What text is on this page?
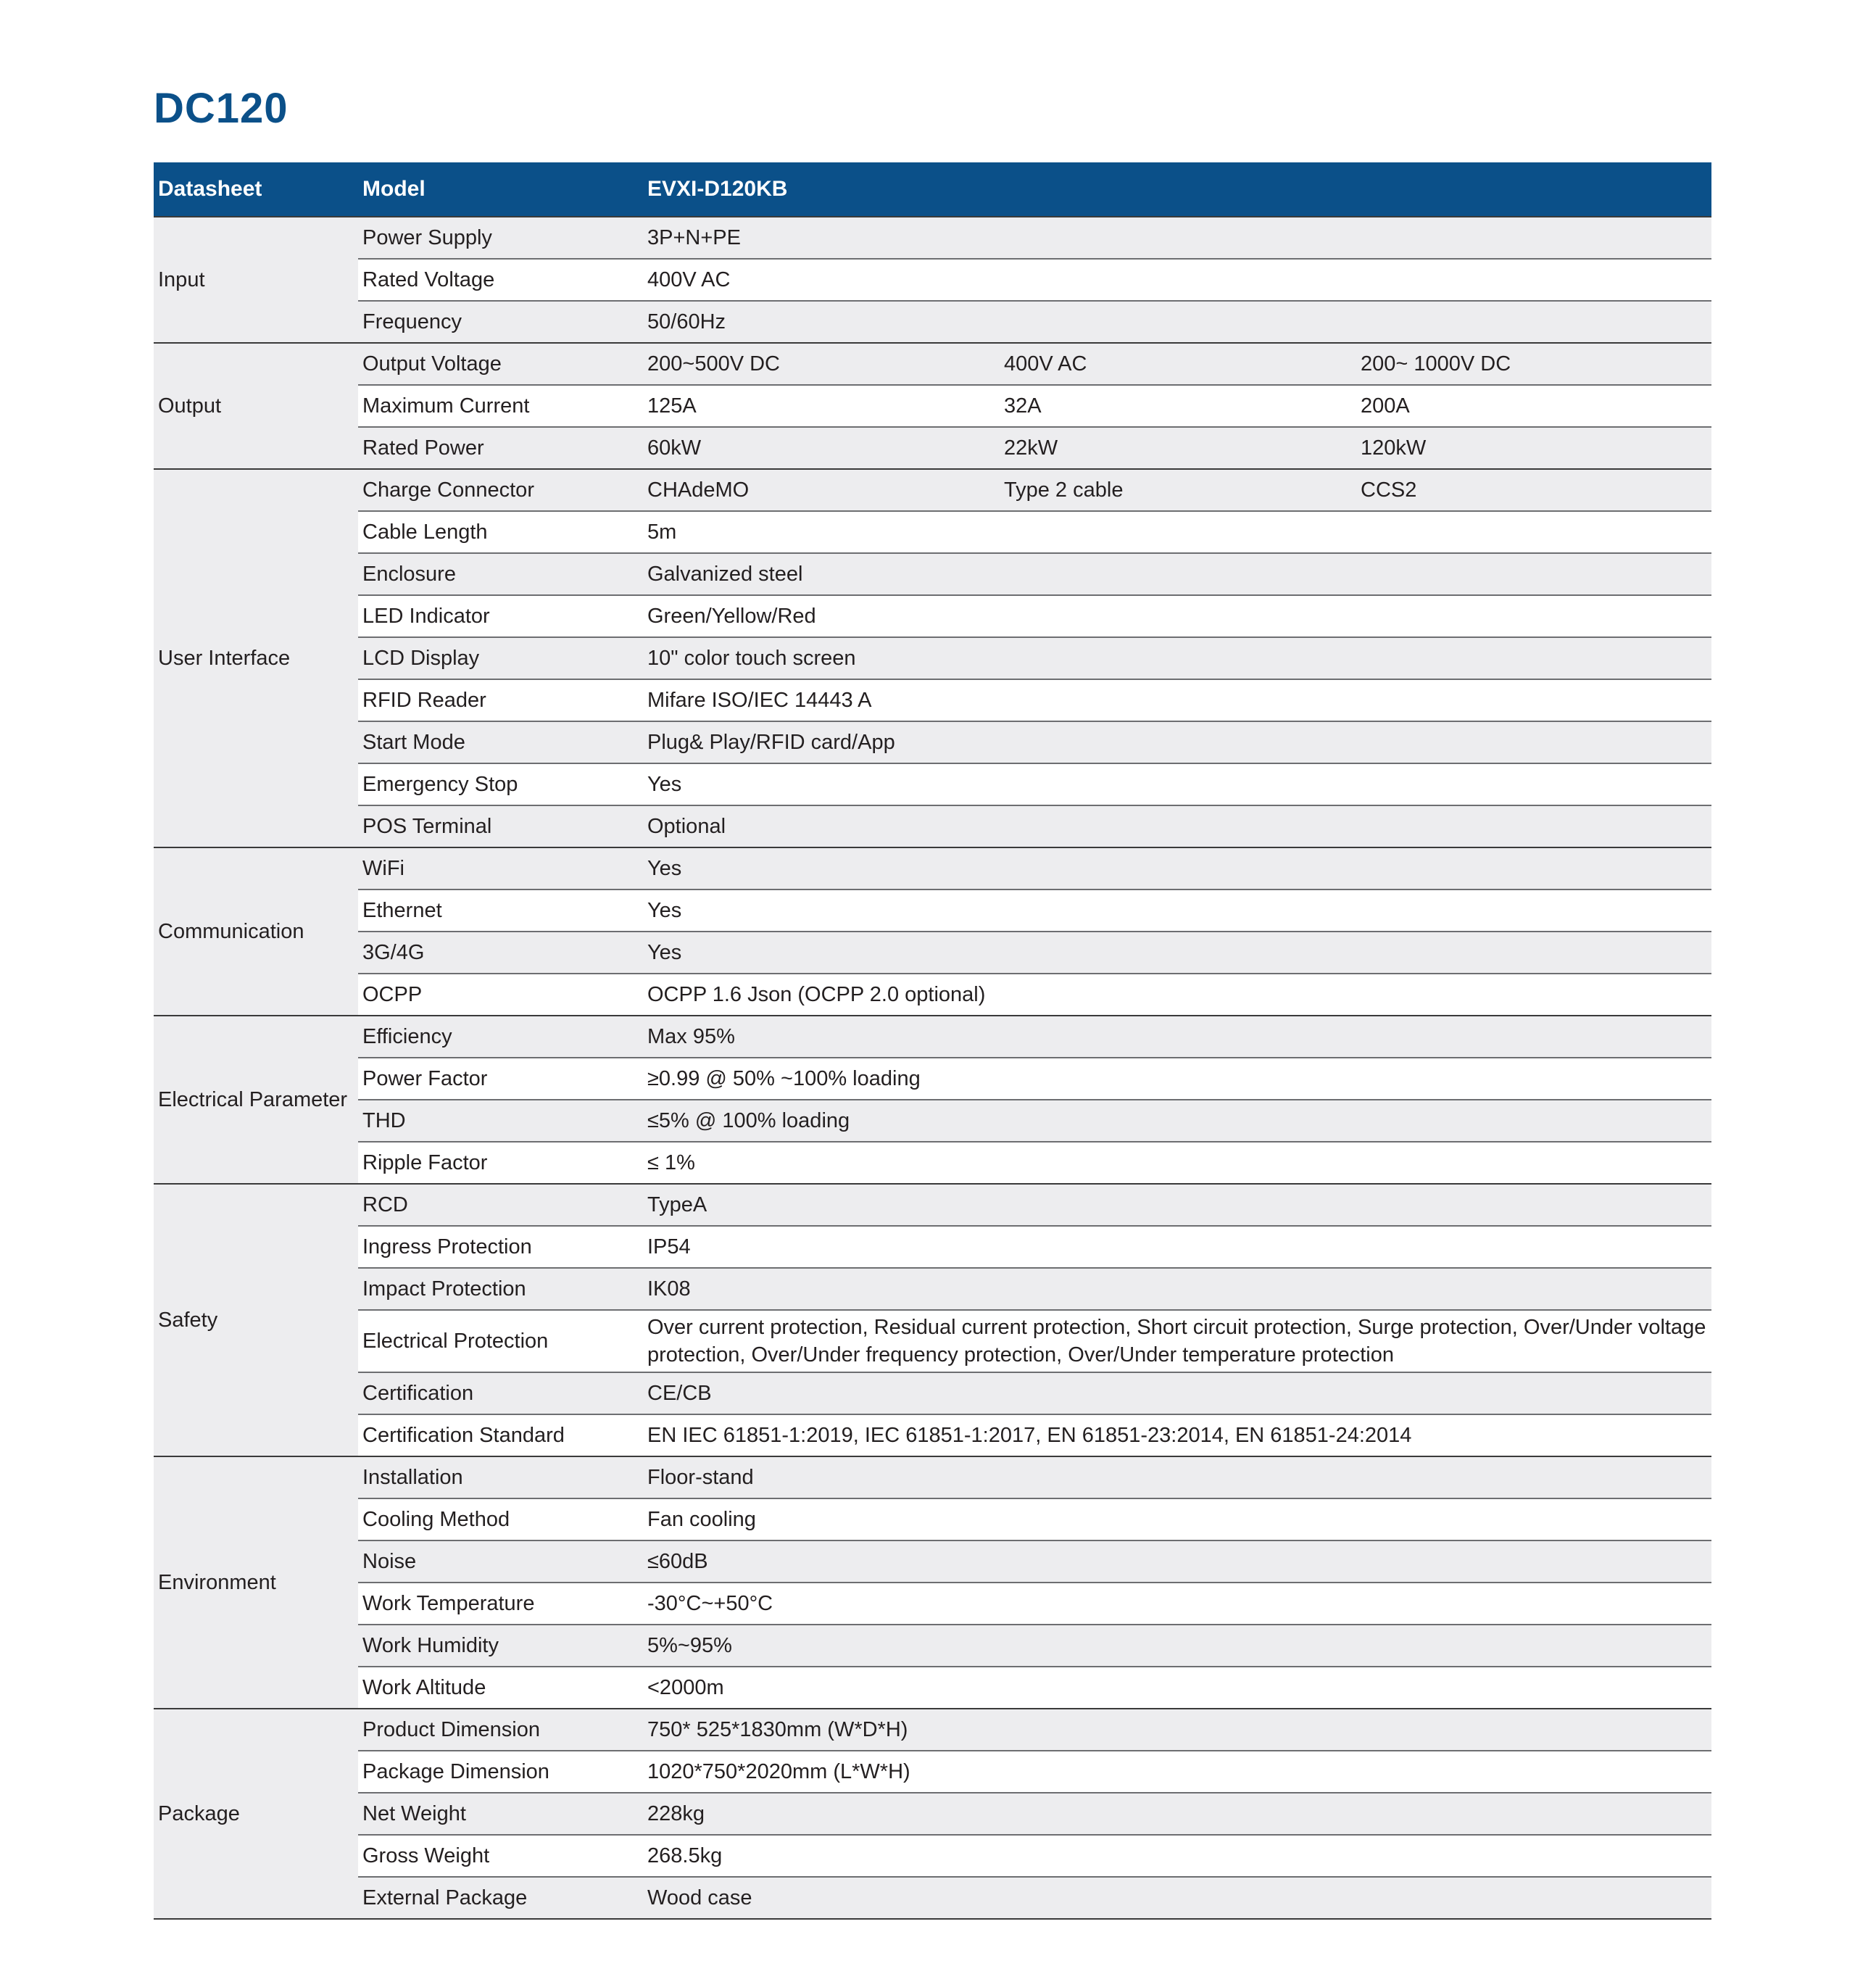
DC120
Datasheet	Model	EVXI-D120KB		
Input	Power Supply	3P+N+PE		
	Rated Voltage	400V AC		
	Frequency	50/60Hz		
Output	Output Voltage	200~500V DC	400V AC	200~ 1000V DC
	Maximum Current	125A	32A	200A
	Rated Power	60kW	22kW	120kW
User Interface	Charge Connector	CHAdeMO	Type 2 cable	CCS2
	Cable Length	5m		
	Enclosure	Galvanized steel		
	LED Indicator	Green/Yellow/Red		
	LCD Display	10" color touch screen		
	RFID Reader	Mifare ISO/IEC 14443 A		
	Start Mode	Plug& Play/RFID card/App		
	Emergency Stop	Yes		
	POS Terminal	Optional		
Communication	WiFi	Yes		
	Ethernet	Yes		
	3G/4G	Yes		
	OCPP	OCPP 1.6 Json (OCPP 2.0 optional)		
Electrical Parameter	Efficiency	Max 95%		
	Power Factor	≥0.99 @ 50% ~100% loading		
	THD	≤5% @ 100% loading		
	Ripple Factor	≤ 1%		
Safety	RCD	TypeA		
	Ingress Protection	IP54		
	Impact Protection	IK08		
	Electrical Protection	Over current protection, Residual current protection, Short circuit protection, Surge protection, Over/Under voltage protection, Over/Under frequency protection, Over/Under temperature protection		
	Certification	CE/CB		
	Certification Standard	EN IEC 61851-1:2019, IEC 61851-1:2017, EN 61851-23:2014, EN 61851-24:2014		
Environment	Installation	Floor-stand		
	Cooling Method	Fan cooling		
	Noise	≤60dB		
	Work Temperature	-30°C~+50°C		
	Work Humidity	5%~95%		
	Work Altitude	<2000m		
Package	Product Dimension	750* 525*1830mm (W*D*H)		
	Package Dimension	1020*750*2020mm (L*W*H)		
	Net Weight	228kg		
	Gross Weight	268.5kg		
	External Package	Wood case		
